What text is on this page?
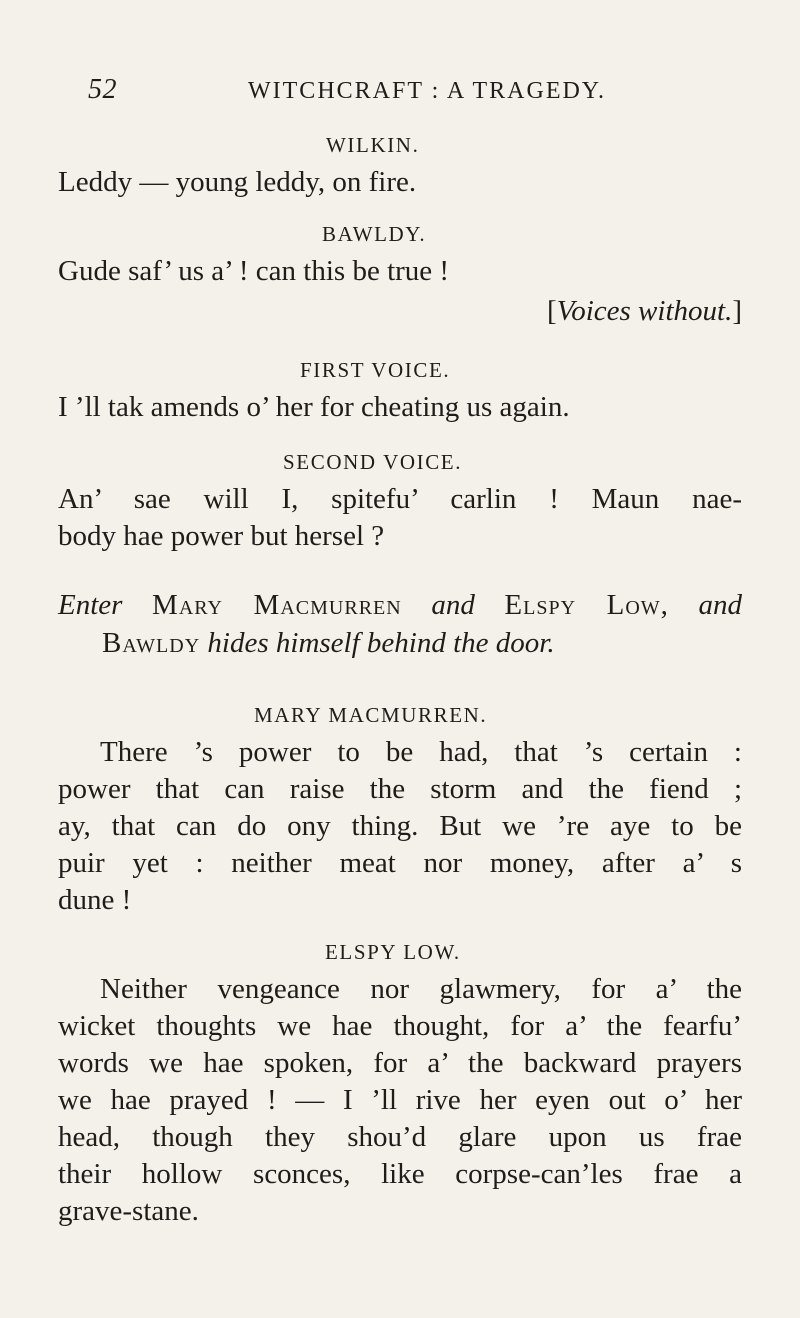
52	WITCHCRAFT : A TRAGEDY.
WILKIN.
Leddy — young leddy, on fire.
BAWLDY.
Gude saf’ us a’ ! can this be true !
[Voices without.]
FIRST VOICE.
I ’ll tak amends o’ her for cheating us again.
SECOND VOICE.
An’ sae will I, spitefu’ carlin ! Maun nae-
body hae power but hersel ?
Enter Mary Macmurren and Elspy Low, and
Bawldy hides himself behind the door.
MARY MACMURREN.
There ’s power to be had, that ’s certain :
power that can raise the storm and the fiend ;
ay, that can do ony thing. But we ’re aye to be
puir yet : neither meat nor money, after a’ s
dune !
ELSPY LOW.
Neither vengeance nor glawmery, for a’ the
wicket thoughts we hae thought, for a’ the fearfu’
words we hae spoken, for a’ the backward prayers
we hae prayed ! — I ’ll rive her eyen out o’ her
head, though they shou’d glare upon us frae
their hollow sconces, like corpse-can’les frae a
grave-stane.
